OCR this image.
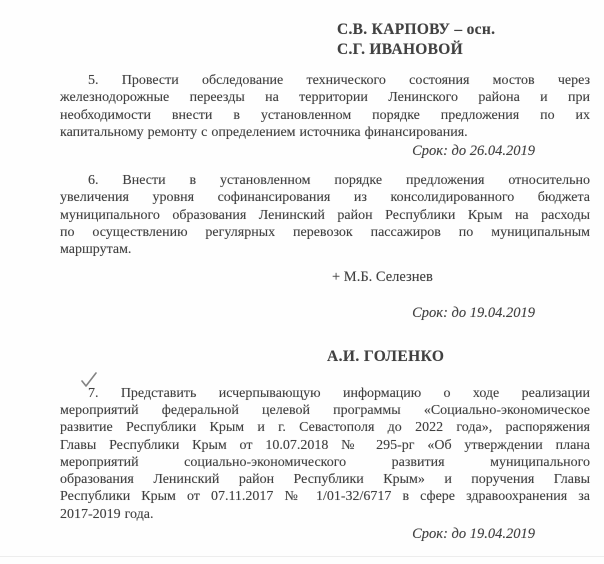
С.В. КАРПОВУ – осн.
С.Г. ИВАНОВОЙ
5. Провести обследование технического состояния мостов через
железнодорожные переезды на территории Ленинского района и при
необходимости внести в установленном порядке предложения по их
капитальному ремонту с определением источника финансирования.
Срок: до 26.04.2019
6. Внести в установленном порядке предложения относительно
увеличения уровня софинансирования из консолидированного бюджета
муниципального образования Ленинский район Республики Крым на расходы
по осуществлению регулярных перевозок пассажиров по муниципальным
маршрутам.
+ М.Б. Селезнев
Срок: до 19.04.2019
А.И. ГОЛЕНКО
7. Представить исчерпывающую информацию о ходе реализации
мероприятий федеральной целевой программы «Социально-экономическое
развитие Республики Крым и г. Севастополя до 2022 года», распоряжения
Главы Республики Крым от 10.07.2018 № 295-рг «Об утверждении плана
мероприятий социально-экономического развития муниципального
образования Ленинский район Республики Крым» и поручения Главы
Республики Крым от 07.11.2017 № 1/01-32/6717 в сфере здравоохранения за
2017-2019 года.
Срок: до 19.04.2019
